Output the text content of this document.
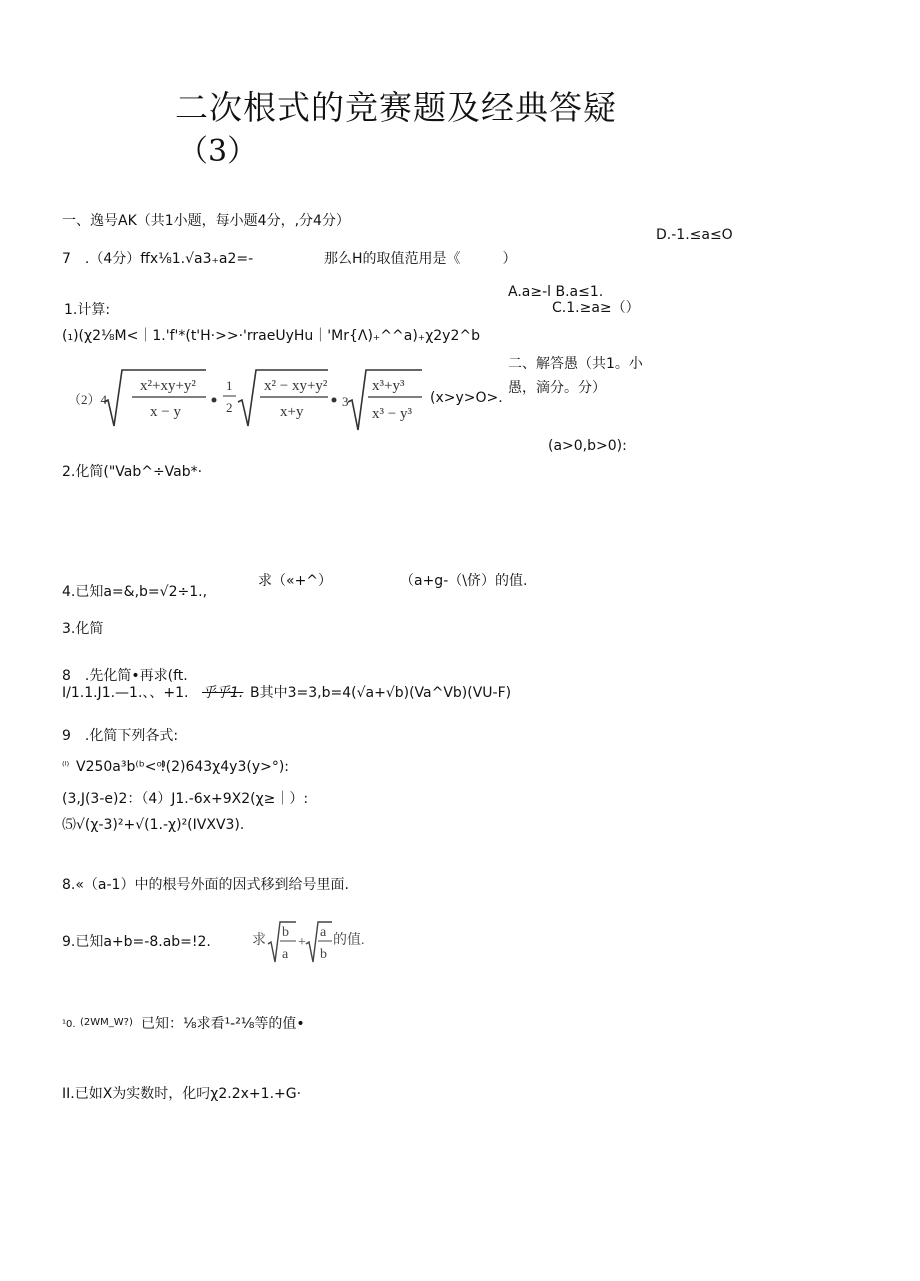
二次根式的竞赛题及经典答疑
（3）
一、逸号AK（共1小题，每小题4分，,分4分）
D.-1.≤a≤O
7　.（4分）ffx⅛1.√a3₊a2=-	那么H的取值范用是《　　　）
A.a≥-l B.a≤1.
C.1.≥a≥（）
1.计算:
(₁)(χ2⅛M<｜1.'f'*(t'H·>>·'rraeUyHu｜'Mr{Λ)₊^^a)₊χ2y2^b
二、解答愚（共1。小
愚，滴分。分）
（2）4
x²+xy+y²
x − y
1
2
x² − xy+y²
x+y
3
x³+y³
x³ − y³
(x>y>O>.
(a>0,b>0):
2.化简("Vab^÷Vab*·
求（«+^）	（a+g-（\侪）的值.
4.已知a=&,b=√2÷1.,
3.化简
8　.先化简•再求(ft.
I/1.1.J1.—1.、、+1. 乎乎1. B其中3=3,b=4(√a+√b)(Va^Vb)(VU-F)
9　.化简下列各式:
⁽ˡ⁾ V250a³b⁽ᵇ<ᵒ⁾
!(2)643χ4y3(y>°):
(3,J(3-e)2：（4）J1.-6x+9X2(χ≥｜）:
⑸√(χ-3)²+√(1.-χ)²(IVXV3).
8.«（a-1）中的根号外面的因式移到给号里面.
9.已知a+b=-8.ab=!2.	求
b
a
+
a
b
的值.
¹0. (2WM_W?) 已知：⅛求看¹-²⅛等的值•
II.已如X为实数时，化叼χ2.2x+1.+G·
